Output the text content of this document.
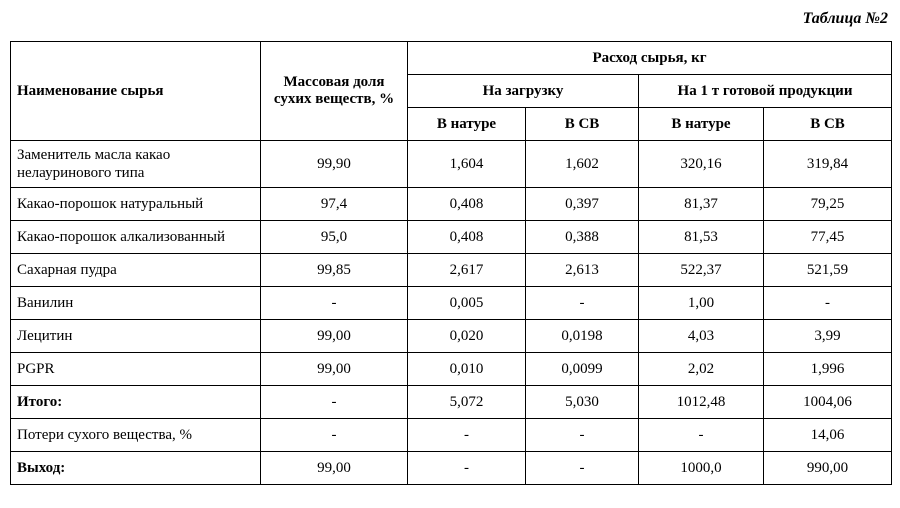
Таблица №2
Наименование сырья	Массовая доля сухих веществ, %	Расход сырья, кг			
		На загрузку		На 1 т готовой продукции	
		В натуре	В СВ	В натуре	В СВ
Заменитель масла какао нелауринового типа	99,90	1,604	1,602	320,16	319,84
Какао-порошок натуральный	97,4	0,408	0,397	81,37	79,25
Какао-порошок алкализованный	95,0	0,408	0,388	81,53	77,45
Сахарная пудра	99,85	2,617	2,613	522,37	521,59
Ванилин	-	0,005	-	1,00	-
Лецитин	99,00	0,020	0,0198	4,03	3,99
PGPR	99,00	0,010	0,0099	2,02	1,996
Итого:	-	5,072	5,030	1012,48	1004,06
Потери сухого вещества, %	-	-	-	-	14,06
Выход:	99,00	-	-	1000,0	990,00
